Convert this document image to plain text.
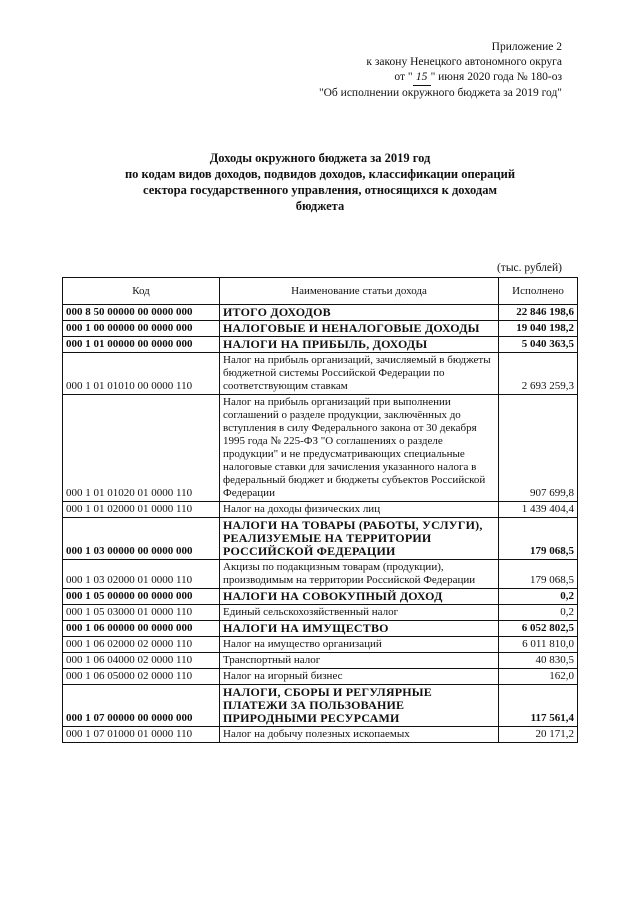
Приложение 2
к закону Ненецкого автономного округа
от " 15 " июня 2020 года № 180-оз
"Об исполнении окружного бюджета за 2019 год"
Доходы окружного бюджета за 2019 год
по кодам видов доходов, подвидов доходов, классификации операций
сектора государственного управления, относящихся к доходам
бюджета
(тыс. рублей)
Код	Наименование статьи дохода	Исполнено
000 8 50 00000 00 0000 000	ИТОГО ДОХОДОВ	22 846 198,6
000 1 00 00000 00 0000 000	НАЛОГОВЫЕ И НЕНАЛОГОВЫЕ ДОХОДЫ	19 040 198,2
000 1 01 00000 00 0000 000	НАЛОГИ НА ПРИБЫЛЬ, ДОХОДЫ	5 040 363,5
000 1 01 01010 00 0000 110	Налог на прибыль организаций, зачисляемый в бюджеты бюджетной системы Российской Федерации по соответствующим ставкам	2 693 259,3
000 1 01 01020 01 0000 110	Налог на прибыль организаций при выполнении соглашений о разделе продукции, заключённых до вступления в силу Федерального закона от 30 декабря 1995 года № 225-ФЗ "О соглашениях о разделе продукции" и не предусматривающих специальные налоговые ставки для зачисления указанного налога в федеральный бюджет и бюджеты субъектов Российской Федерации	907 699,8
000 1 01 02000 01 0000 110	Налог на доходы физических лиц	1 439 404,4
000 1 03 00000 00 0000 000	НАЛОГИ НА ТОВАРЫ (РАБОТЫ, УСЛУГИ), РЕАЛИЗУЕМЫЕ НА ТЕРРИТОРИИ РОССИЙСКОЙ ФЕДЕРАЦИИ	179 068,5
000 1 03 02000 01 0000 110	Акцизы по подакцизным товарам (продукции), производимым на территории Российской Федерации	179 068,5
000 1 05 00000 00 0000 000	НАЛОГИ НА СОВОКУПНЫЙ ДОХОД	0,2
000 1 05 03000 01 0000 110	Единый сельскохозяйственный налог	0,2
000 1 06 00000 00 0000 000	НАЛОГИ НА ИМУЩЕСТВО	6 052 802,5
000 1 06 02000 02 0000 110	Налог на имущество организаций	6 011 810,0
000 1 06 04000 02 0000 110	Транспортный налог	40 830,5
000 1 06 05000 02 0000 110	Налог на игорный бизнес	162,0
000 1 07 00000 00 0000 000	НАЛОГИ, СБОРЫ И РЕГУЛЯРНЫЕ ПЛАТЕЖИ ЗА ПОЛЬЗОВАНИЕ ПРИРОДНЫМИ РЕСУРСАМИ	117 561,4
000 1 07 01000 01 0000 110	Налог на добычу полезных ископаемых	20 171,2
